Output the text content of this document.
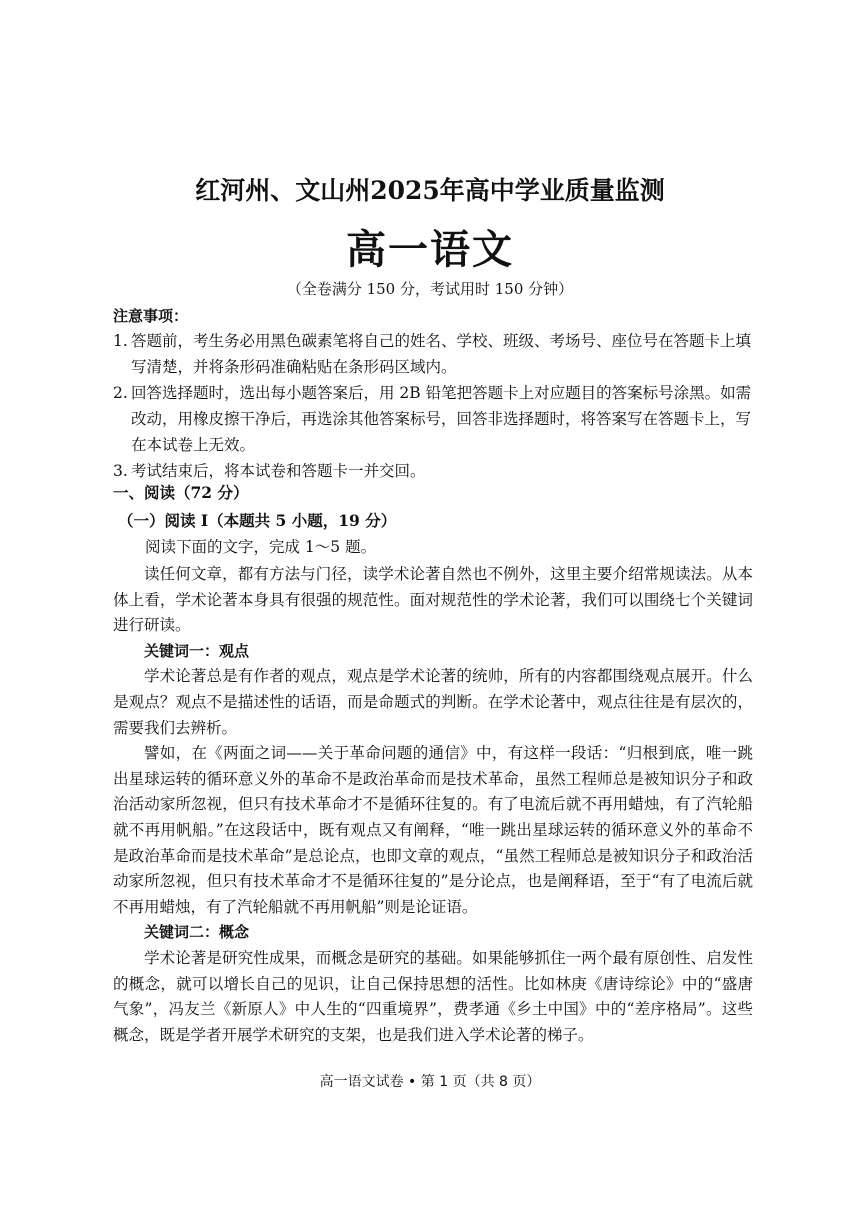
红河州、文山州2025年高中学业质量监测
高一语文
（全卷满分 150 分，考试用时 150 分钟）
注意事项：
1. 答题前，考生务必用黑色碳素笔将自己的姓名、学校、班级、考场号、座位号在答题卡上填写清楚，并将条形码准确粘贴在条形码区域内。
2. 回答选择题时，选出每小题答案后，用 2B 铅笔把答题卡上对应题目的答案标号涂黑。如需改动，用橡皮擦干净后，再选涂其他答案标号，回答非选择题时，将答案写在答题卡上，写在本试卷上无效。
3. 考试结束后，将本试卷和答题卡一并交回。
一、阅读（72 分）
（一）阅读 I（本题共 5 小题，19 分）
阅读下面的文字，完成 1～5 题。

读任何文章，都有方法与门径，读学术论著自然也不例外，这里主要介绍常规读法。从本体上看，学术论著本身具有很强的规范性。面对规范性的学术论著，我们可以围绕七个关键词进行研读。

关键词一：观点

学术论著总是有作者的观点，观点是学术论著的统帅，所有的内容都围绕观点展开。什么是观点？观点不是描述性的话语，而是命题式的判断。在学术论著中，观点往往是有层次的，需要我们去辨析。

譬如，在《两面之词——关于革命问题的通信》中，有这样一段话：“归根到底，唯一跳出星球运转的循环意义外的革命不是政治革命而是技术革命，虽然工程师总是被知识分子和政治活动家所忽视，但只有技术革命才不是循环往复的。有了电流后就不再用蜡烛，有了汽轮船就不再用帆船。”在这段话中，既有观点又有阐释，“唯一跳出星球运转的循环意义外的革命不是政治革命而是技术革命”是总论点，也即文章的观点，“虽然工程师总是被知识分子和政治活动家所忽视，但只有技术革命才不是循环往复的”是分论点，也是阐释语，至于“有了电流后就不再用蜡烛，有了汽轮船就不再用帆船”则是论证语。

关键词二：概念

学术论著是研究性成果，而概念是研究的基础。如果能够抓住一两个最有原创性、启发性的概念，就可以增长自己的见识，让自己保持思想的活性。比如林庚《唐诗综论》中的“盛唐气象”，冯友兰《新原人》中人生的“四重境界”，费孝通《乡土中国》中的“差序格局”。这些概念，既是学者开展学术研究的支架，也是我们进入学术论著的梯子。

高一语文试卷 • 第 1 页（共 8 页）
